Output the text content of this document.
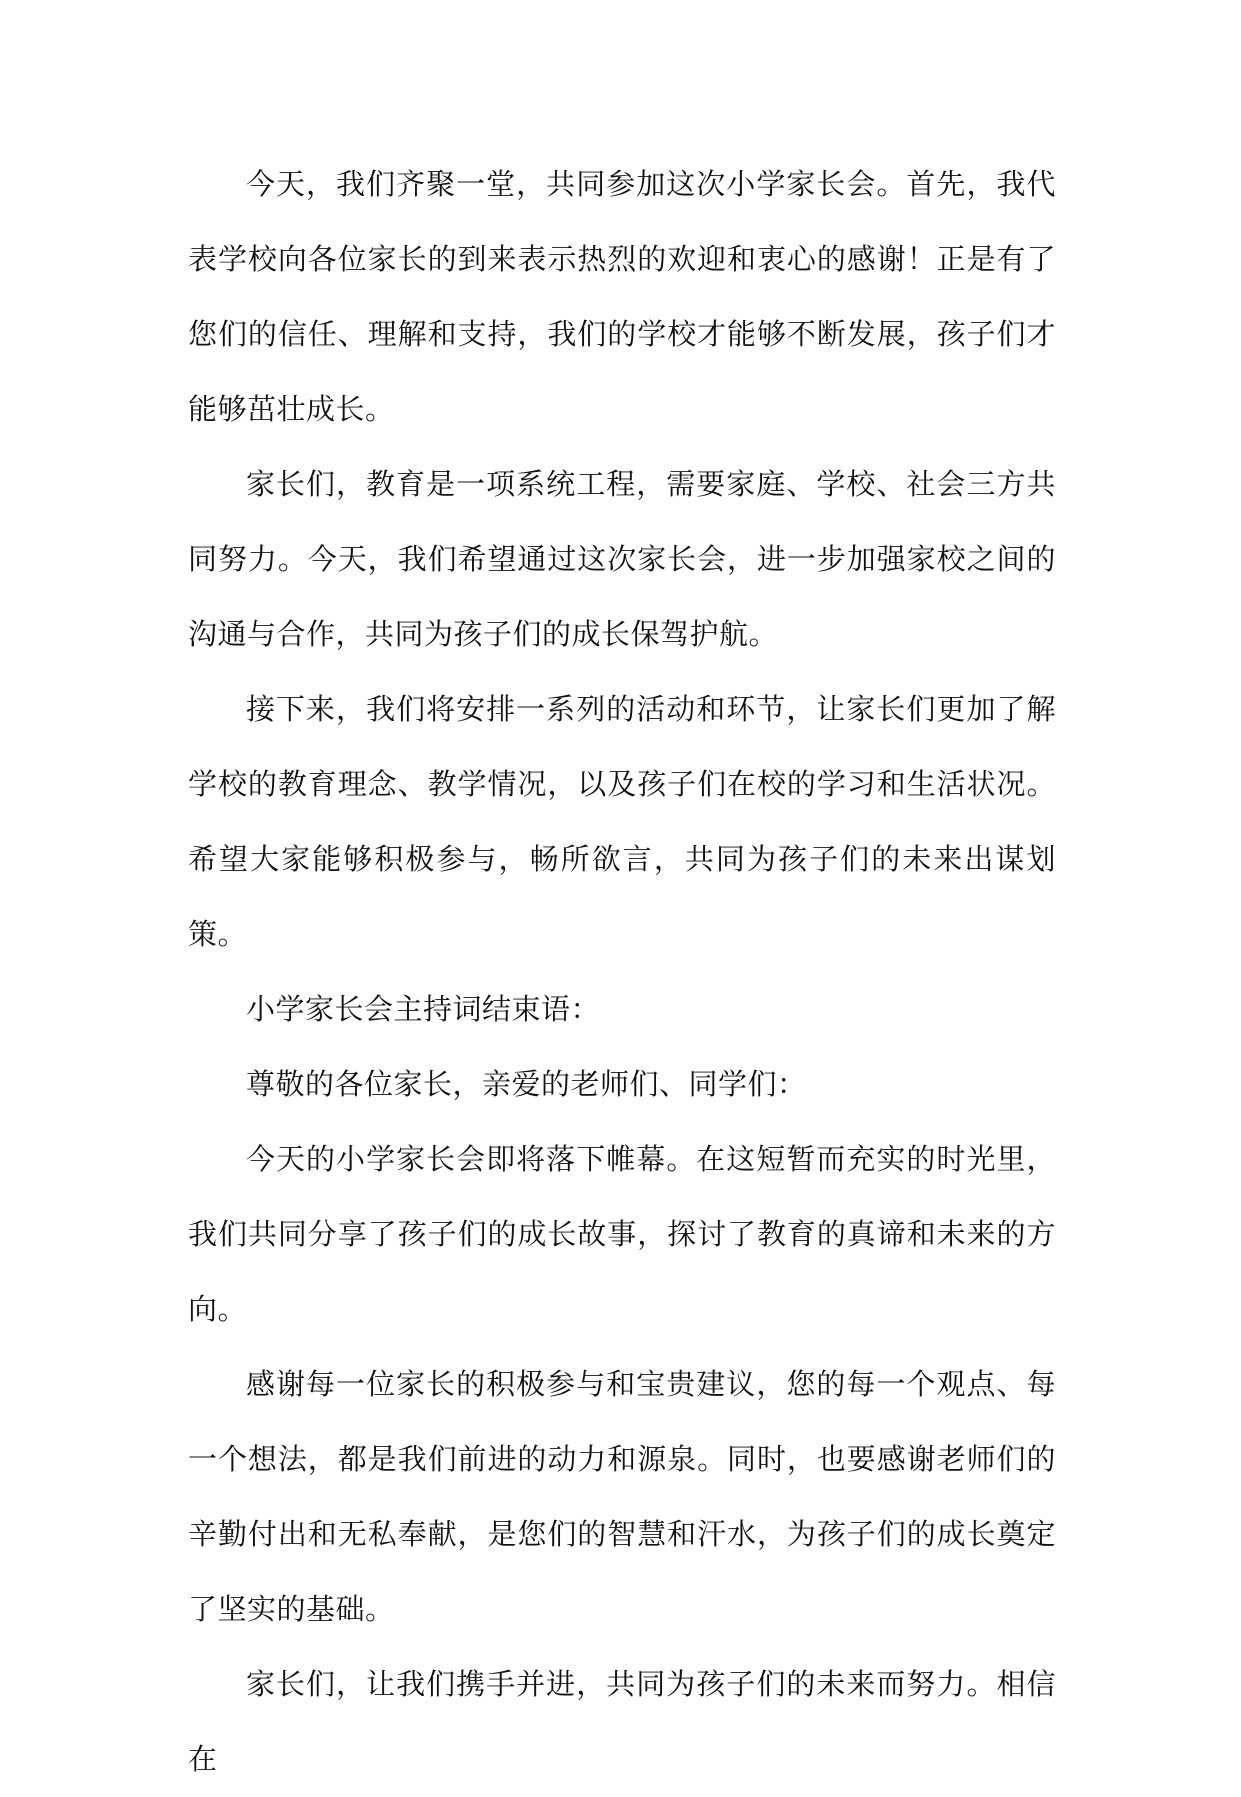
今天，我们齐聚一堂，共同参加这次小学家长会。首先，我代表学校向各位家长的到来表示热烈的欢迎和衷心的感谢！正是有了您们的信任、理解和支持，我们的学校才能够不断发展，孩子们才能够茁壮成长。

家长们，教育是一项系统工程，需要家庭、学校、社会三方共同努力。今天，我们希望通过这次家长会，进一步加强家校之间的沟通与合作，共同为孩子们的成长保驾护航。

接下来，我们将安排一系列的活动和环节，让家长们更加了解学校的教育理念、教学情况，以及孩子们在校的学习和生活状况。希望大家能够积极参与，畅所欲言，共同为孩子们的未来出谋划策。

小学家长会主持词结束语：

尊敬的各位家长，亲爱的老师们、同学们：

今天的小学家长会即将落下帷幕。在这短暂而充实的时光里，我们共同分享了孩子们的成长故事，探讨了教育的真谛和未来的方向。

感谢每一位家长的积极参与和宝贵建议，您的每一个观点、每一个想法，都是我们前进的动力和源泉。同时，也要感谢老师们的辛勤付出和无私奉献，是您们的智慧和汗水，为孩子们的成长奠定了坚实的基础。

家长们，让我们携手并进，共同为孩子们的未来而努力。相信在
